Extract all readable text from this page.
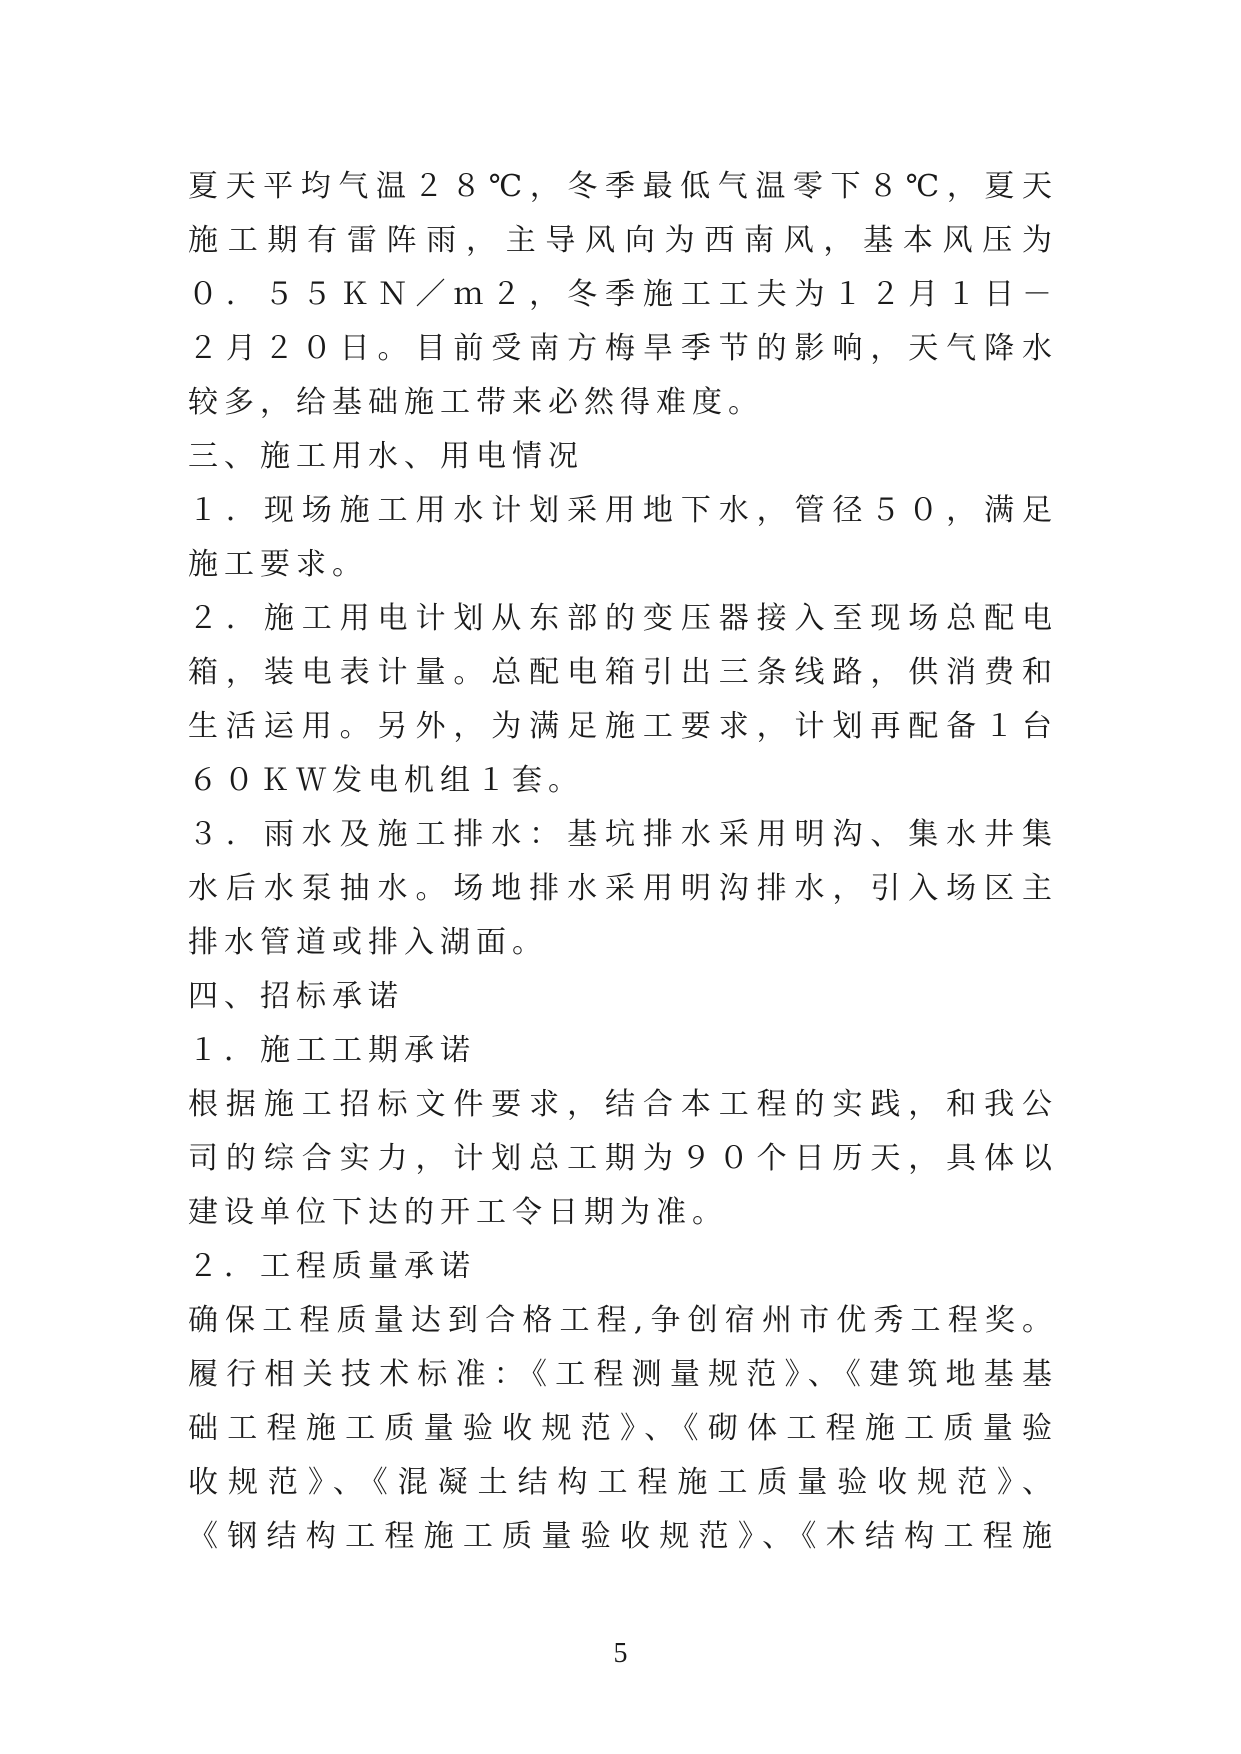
夏天平均气温２８℃，冬季最低气温零下８℃，夏天
施工期有雷阵雨，主导风向为西南风，基本风压为
０．５５ＫＮ／ｍ２，冬季施工工夫为１２月１日－
２月２０日。目前受南方梅旱季节的影响，天气降水
较多，给基础施工带来必然得难度。
三、施工用水、用电情况
１．现场施工用水计划采用地下水，管径５０，满足
施工要求。
２．施工用电计划从东部的变压器接入至现场总配电
箱，装电表计量。总配电箱引出三条线路，供消费和
生活运用。另外，为满足施工要求，计划再配备１台
６０ＫＷ发电机组１套。
３．雨水及施工排水：基坑排水采用明沟、集水井集
水后水泵抽水。场地排水采用明沟排水，引入场区主
排水管道或排入湖面。
四、招标承诺
１．施工工期承诺
根据施工招标文件要求，结合本工程的实践，和我公
司的综合实力，计划总工期为９０个日历天，具体以
建设单位下达的开工令日期为准。
２．工程质量承诺
确保工程质量达到合格工程,争创宿州市优秀工程奖。
履行相关技术标准：《工程测量规范》、《建筑地基基
础工程施工质量验收规范》、《砌体工程施工质量验
收规范》、《混凝土结构工程施工质量验收规范》、
《钢结构工程施工质量验收规范》、《木结构工程施
5
